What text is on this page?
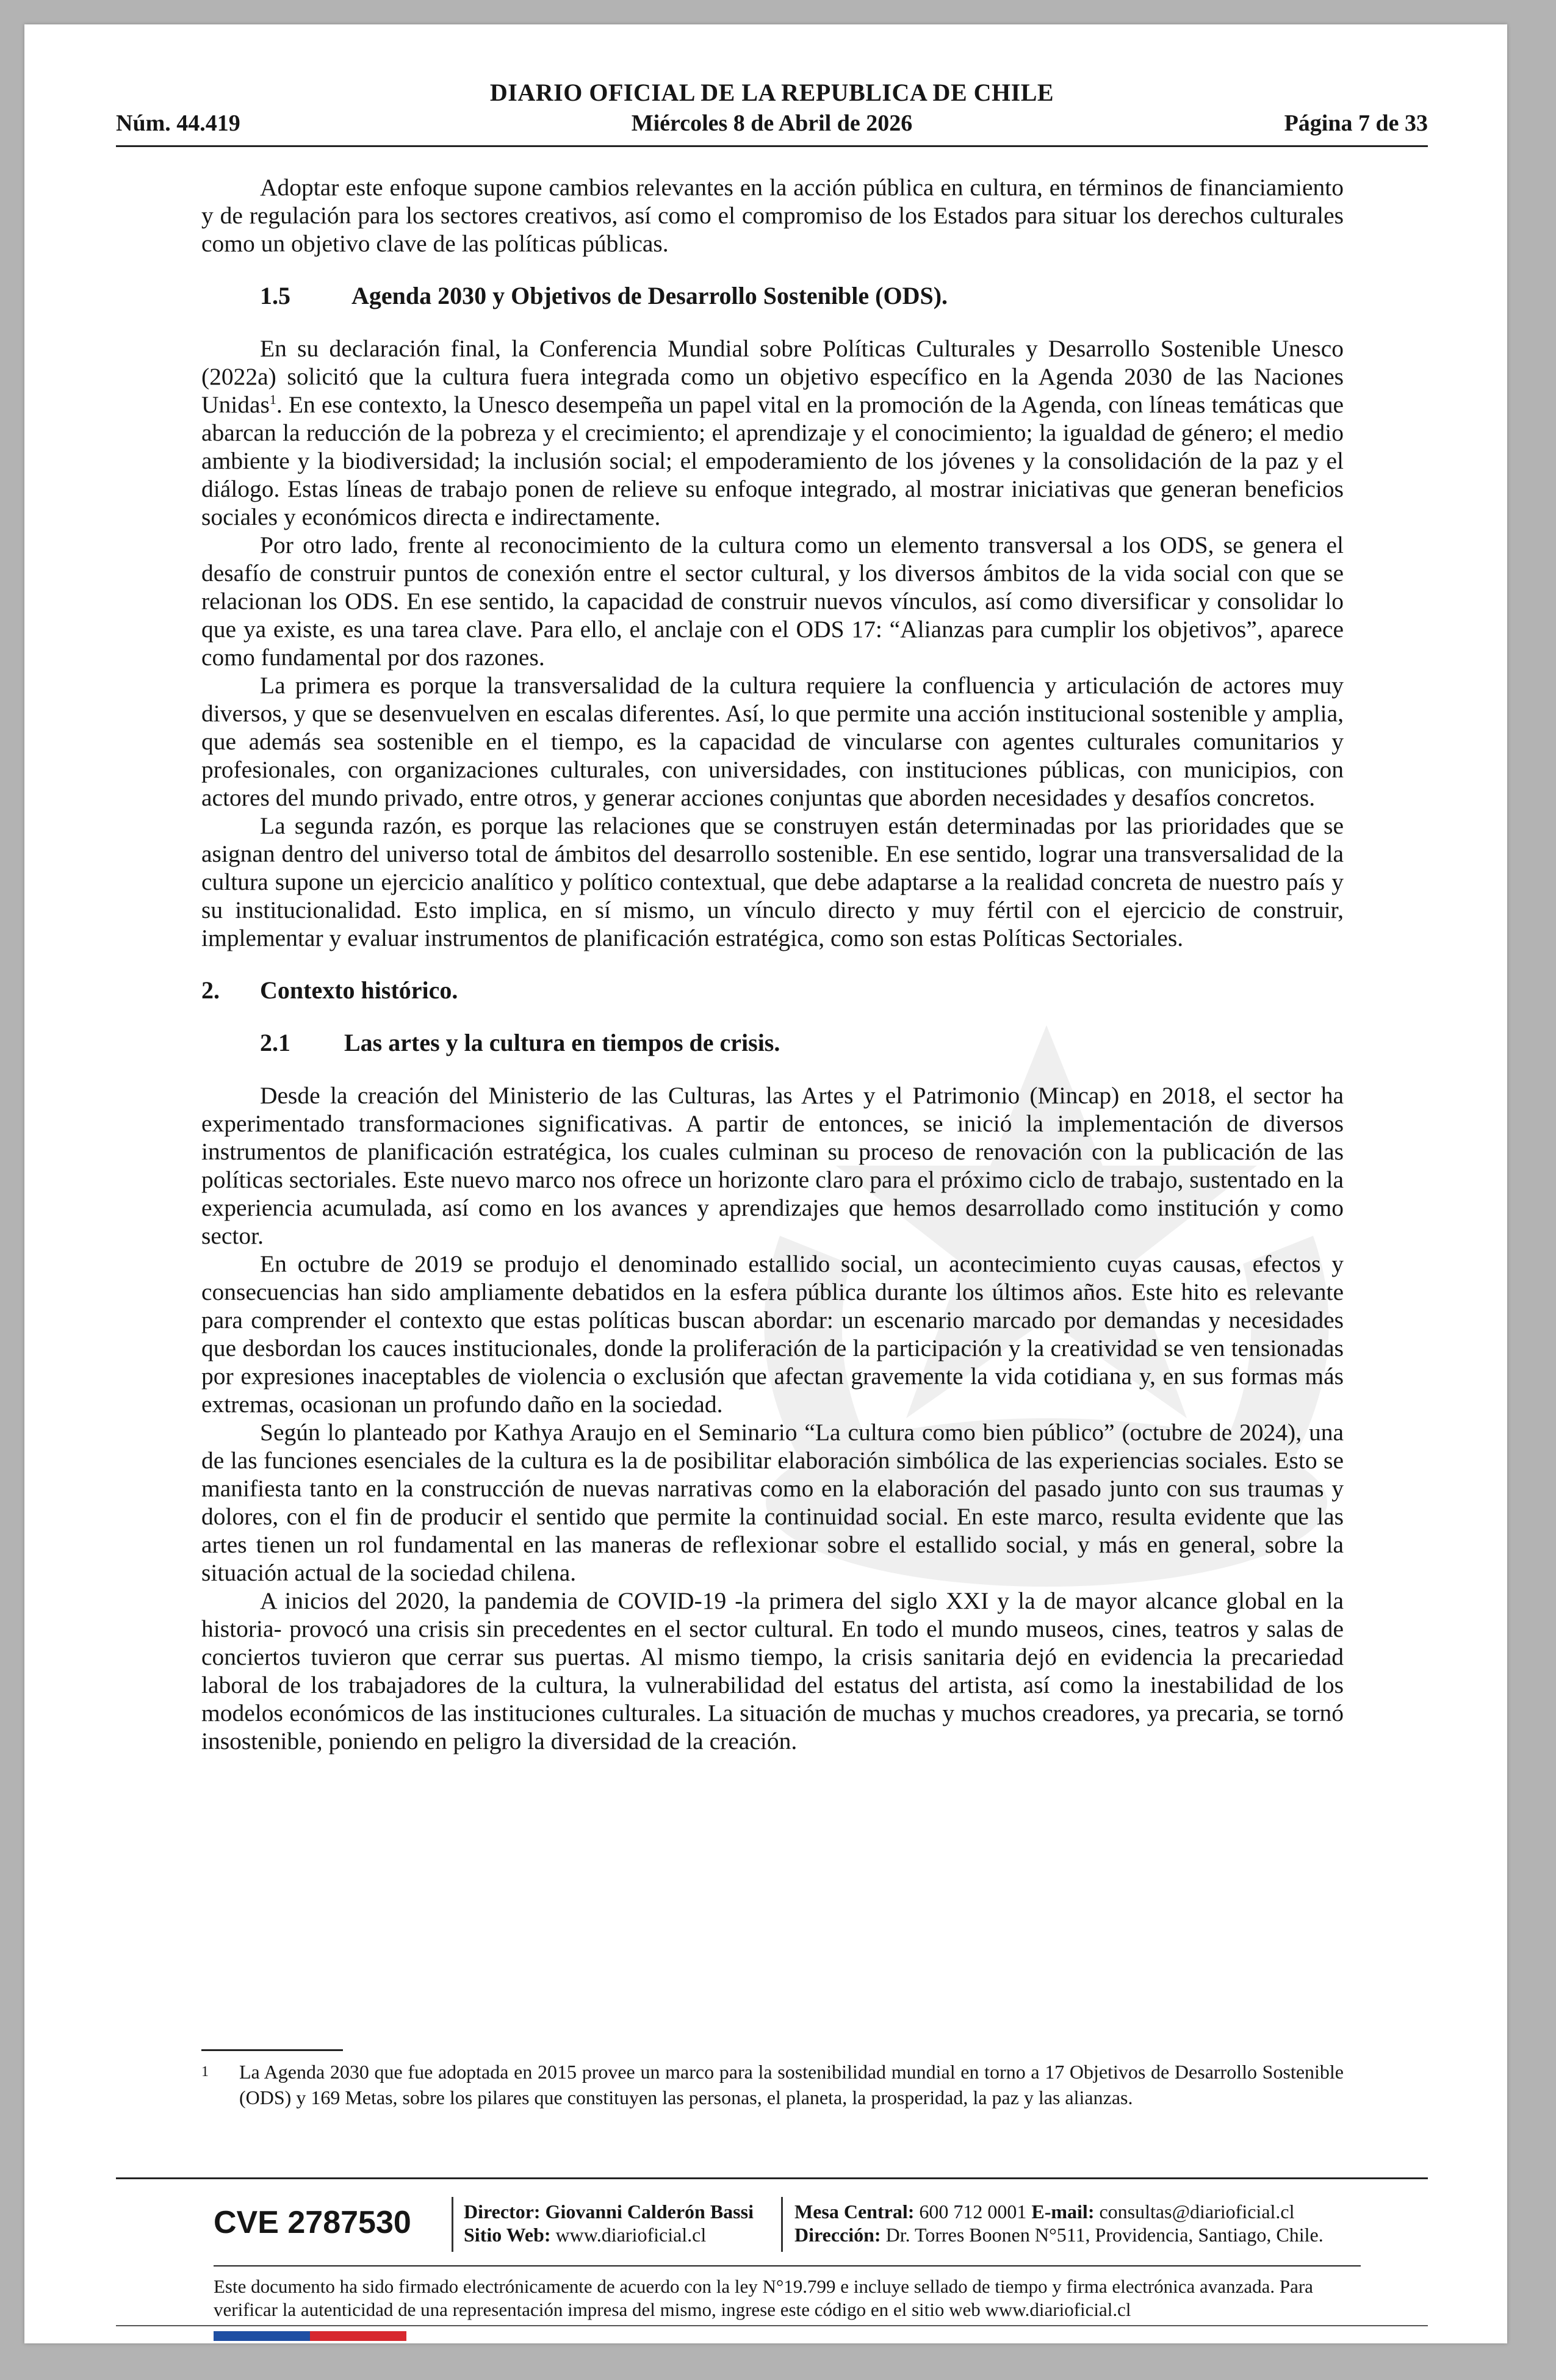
DIARIO OFICIAL DE LA REPUBLICA DE CHILE
Núm. 44.419	Miércoles 8 de Abril de 2026	Página 7 de 33

Adoptar este enfoque supone cambios relevantes en la acción pública en cultura, en términos de financiamiento y de regulación para los sectores creativos, así como el compromiso de los Estados para situar los derechos culturales como un objetivo clave de las políticas públicas.

1.5	Agenda 2030 y Objetivos de Desarrollo Sostenible (ODS).

En su declaración final, la Conferencia Mundial sobre Políticas Culturales y Desarrollo Sostenible Unesco (2022a) solicitó que la cultura fuera integrada como un objetivo específico en la Agenda 2030 de las Naciones Unidas$^1$. En ese contexto, la Unesco desempeña un papel vital en la promoción de la Agenda, con líneas temáticas que abarcan la reducción de la pobreza y el crecimiento; el aprendizaje y el conocimiento; la igualdad de género; el medio ambiente y la biodiversidad; la inclusión social; el empoderamiento de los jóvenes y la consolidación de la paz y el diálogo. Estas líneas de trabajo ponen de relieve su enfoque integrado, al mostrar iniciativas que generan beneficios sociales y económicos directa e indirectamente.

Por otro lado, frente al reconocimiento de la cultura como un elemento transversal a los ODS, se genera el desafío de construir puntos de conexión entre el sector cultural, y los diversos ámbitos de la vida social con que se relacionan los ODS. En ese sentido, la capacidad de construir nuevos vínculos, así como diversificar y consolidar lo que ya existe, es una tarea clave. Para ello, el anclaje con el ODS 17: “Alianzas para cumplir los objetivos”, aparece como fundamental por dos razones.

La primera es porque la transversalidad de la cultura requiere la confluencia y articulación de actores muy diversos, y que se desenvuelven en escalas diferentes. Así, lo que permite una acción institucional sostenible y amplia, que además sea sostenible en el tiempo, es la capacidad de vincularse con agentes culturales comunitarios y profesionales, con organizaciones culturales, con universidades, con instituciones públicas, con municipios, con actores del mundo privado, entre otros, y generar acciones conjuntas que aborden necesidades y desafíos concretos.

La segunda razón, es porque las relaciones que se construyen están determinadas por las prioridades que se asignan dentro del universo total de ámbitos del desarrollo sostenible. En ese sentido, lograr una transversalidad de la cultura supone un ejercicio analítico y político contextual, que debe adaptarse a la realidad concreta de nuestro país y su institucionalidad. Esto implica, en sí mismo, un vínculo directo y muy fértil con el ejercicio de construir, implementar y evaluar instrumentos de planificación estratégica, como son estas Políticas Sectoriales.

2.	Contexto histórico.
2.1	Las artes y la cultura en tiempos de crisis.

Desde la creación del Ministerio de las Culturas, las Artes y el Patrimonio (Mincap) en 2018, el sector ha experimentado transformaciones significativas. A partir de entonces, se inició la implementación de diversos instrumentos de planificación estratégica, los cuales culminan su proceso de renovación con la publicación de las políticas sectoriales. Este nuevo marco nos ofrece un horizonte claro para el próximo ciclo de trabajo, sustentado en la experiencia acumulada, así como en los avances y aprendizajes que hemos desarrollado como institución y como sector.

En octubre de 2019 se produjo el denominado estallido social, un acontecimiento cuyas causas, efectos y consecuencias han sido ampliamente debatidos en la esfera pública durante los últimos años. Este hito es relevante para comprender el contexto que estas políticas buscan abordar: un escenario marcado por demandas y necesidades que desbordan los cauces institucionales, donde la proliferación de la participación y la creatividad se ven tensionadas por expresiones inaceptables de violencia o exclusión que afectan gravemente la vida cotidiana y, en sus formas más extremas, ocasionan un profundo daño en la sociedad.

Según lo planteado por Kathya Araujo en el Seminario “La cultura como bien público” (octubre de 2024), una de las funciones esenciales de la cultura es la de posibilitar elaboración simbólica de las experiencias sociales. Esto se manifiesta tanto en la construcción de nuevas narrativas como en la elaboración del pasado junto con sus traumas y dolores, con el fin de producir el sentido que permite la continuidad social. En este marco, resulta evidente que las artes tienen un rol fundamental en las maneras de reflexionar sobre el estallido social, y más en general, sobre la situación actual de la sociedad chilena.

A inicios del 2020, la pandemia de COVID-19 -la primera del siglo XXI y la de mayor alcance global en la historia- provocó una crisis sin precedentes en el sector cultural. En todo el mundo museos, cines, teatros y salas de conciertos tuvieron que cerrar sus puertas. Al mismo tiempo, la crisis sanitaria dejó en evidencia la precariedad laboral de los trabajadores de la cultura, la vulnerabilidad del estatus del artista, así como la inestabilidad de los modelos económicos de las instituciones culturales. La situación de muchas y muchos creadores, ya precaria, se tornó insostenible, poniendo en peligro la diversidad de la creación.

1 La Agenda 2030 que fue adoptada en 2015 provee un marco para la sostenibilidad mundial en torno a 17 Objetivos de Desarrollo Sostenible (ODS) y 169 Metas, sobre los pilares que constituyen las personas, el planeta, la prosperidad, la paz y las alianzas.
CVE 2787530	Director: Giovanni Calderón Bassi
Sitio Web: www.diarioficial.cl
Mesa Central: 600 712 0001 E-mail: consultas@diarioficial.cl
Dirección: Dr. Torres Boonen N°511, Providencia, Santiago, Chile.
Este documento ha sido firmado electrónicamente de acuerdo con la ley N°19.799 e incluye sellado de tiempo y firma electrónica avanzada. Para verificar la autenticidad de una representación impresa del mismo, ingrese este código en el sitio web www.diarioficial.cl
